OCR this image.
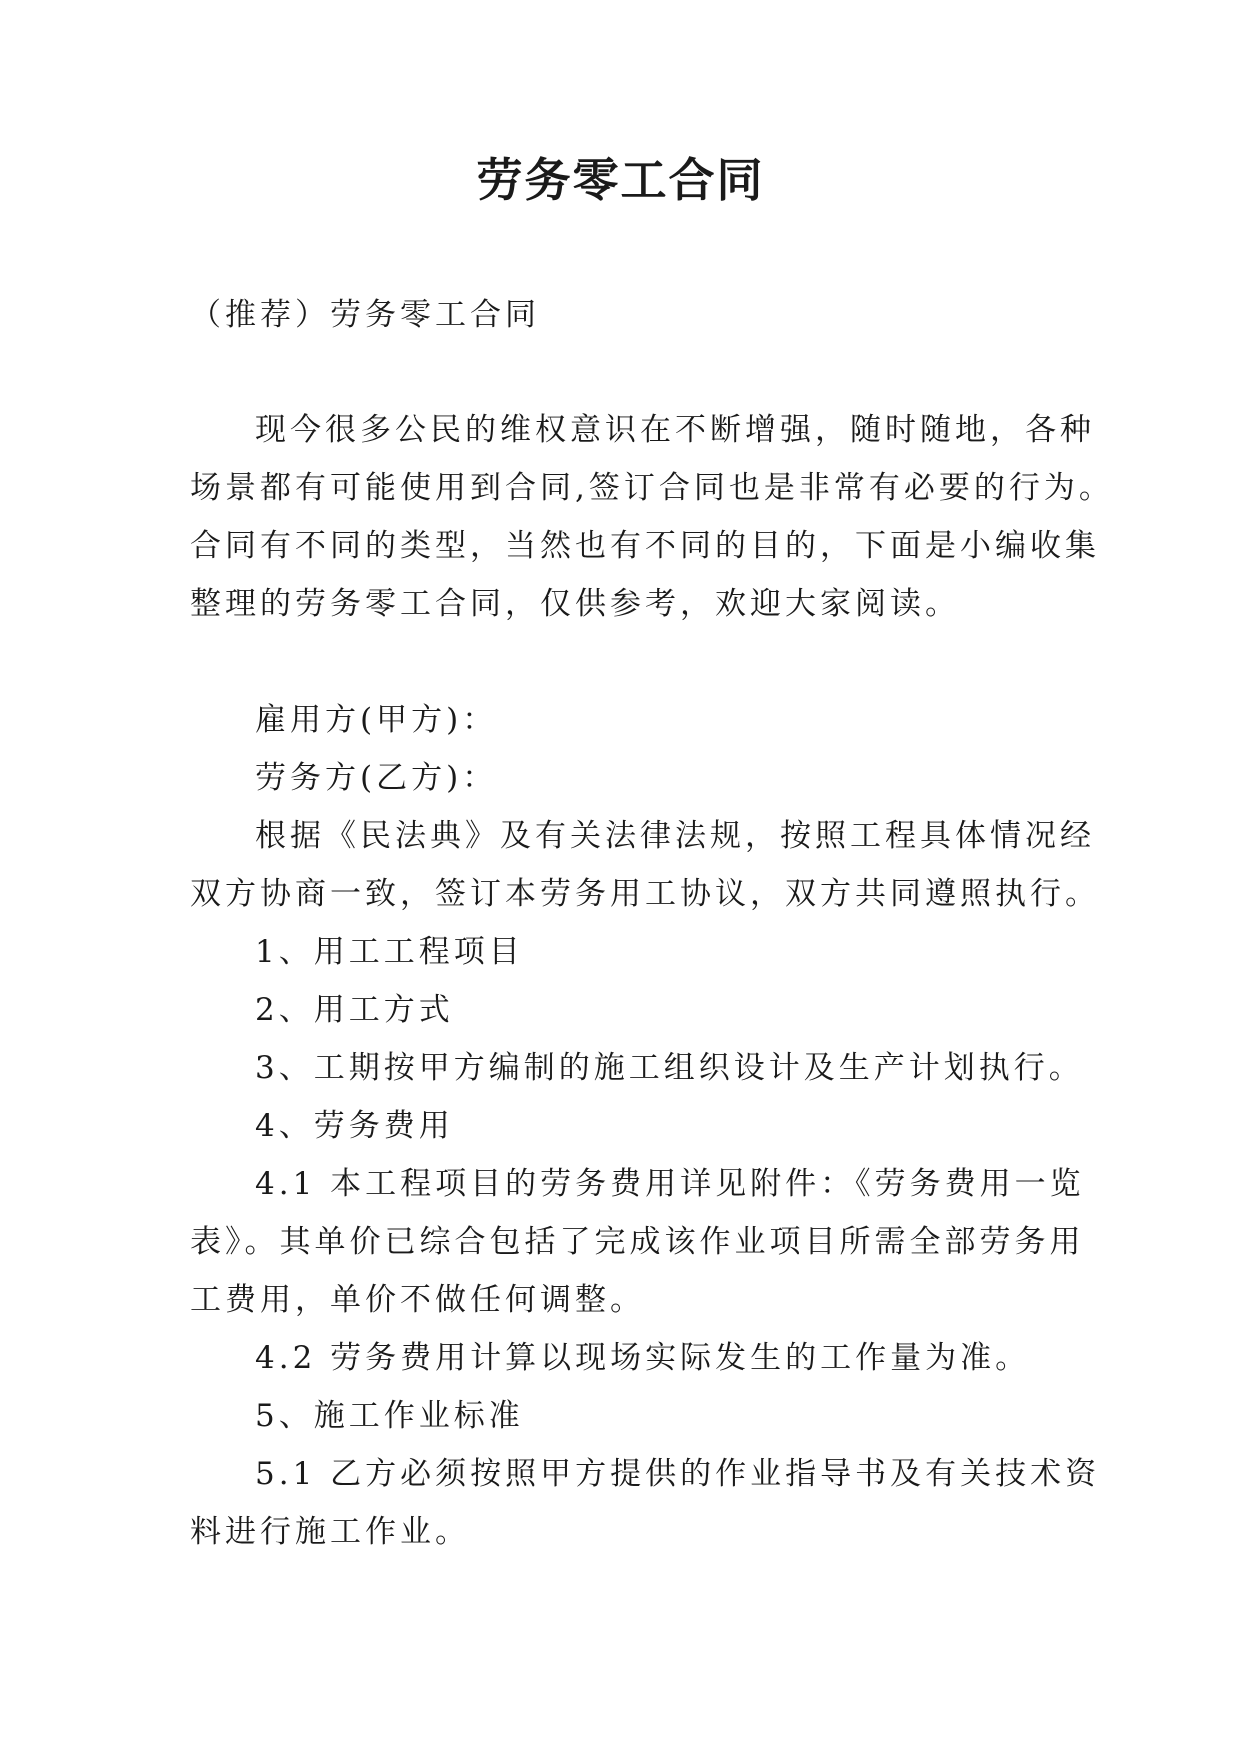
劳务零工合同
（推荐）劳务零工合同
现今很多公民的维权意识在不断增强，随时随地，各种
场景都有可能使用到合同,签订合同也是非常有必要的行为。
合同有不同的类型，当然也有不同的目的，下面是小编收集
整理的劳务零工合同，仅供参考，欢迎大家阅读。
雇用方(甲方)：
劳务方(乙方)：
根据《民法典》及有关法律法规，按照工程具体情况经
双方协商一致，签订本劳务用工协议，双方共同遵照执行。
1、用工工程项目
2、用工方式
3、工期按甲方编制的施工组织设计及生产计划执行。
4、劳务费用
4.1 本工程项目的劳务费用详见附件：《劳务费用一览
表》。其单价已综合包括了完成该作业项目所需全部劳务用
工费用，单价不做任何调整。
4.2 劳务费用计算以现场实际发生的工作量为准。
5、施工作业标准
5.1 乙方必须按照甲方提供的作业指导书及有关技术资
料进行施工作业。
